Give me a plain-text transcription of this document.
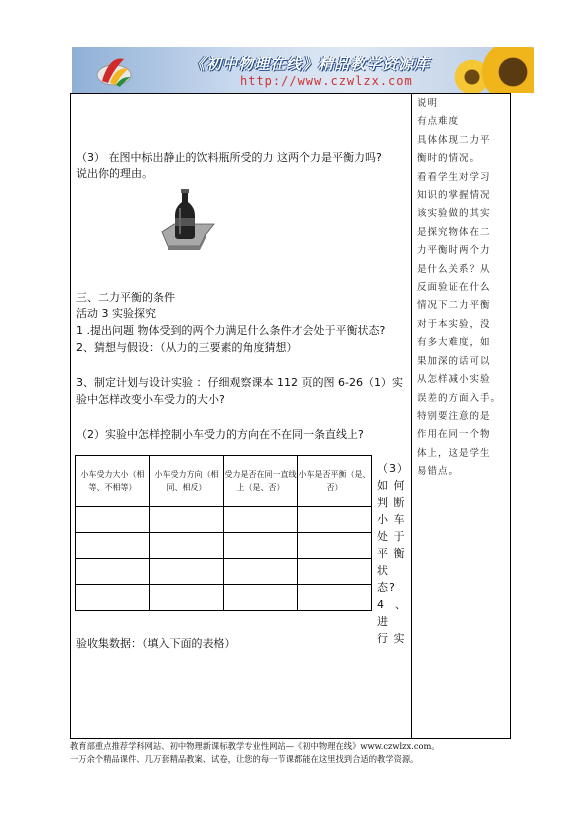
《初中物理在线》精品教学资源库
http://www.czwlzx.com
（3） 在图中标出静止的饮料瓶所受的力 这两个力是平衡力吗?
说出你的理由。
三、二力平衡的条件
活动 3 实验探究
1 .提出问题 物体受到的两个力满足什么条件才会处于平衡状态?
2、猜想与假设：（从力的三要素的角度猜想）
3、制定计划与设计实验 ：仔细观察课本 112 页的图 6-26（1）实
验中怎样改变小车受力的大小?
（2）实验中怎样控制小车受力的方向在不在同一条直线上?
小车受力大小（相等、不相等）	小车受力方向（相同、相反）	受力是否在同一直线上（是、否）	小车是否平衡（是、否）

（3）
如 何
判 断
小 车
处 于
平 衡
状
态?
4、进
行 实
验收集数据：（填入下面的表格）
说明
有点难度
具体体现二力平
衡时的情况。
看看学生对学习
知识的掌握情况
该实验做的其实
是探究物体在二
力平衡时两个力
是什么关系？从
反面验证在什么
情况下二力平衡
对于本实验，没
有多大难度，如
果加深的话可以
从怎样减小实验
误差的方面入手。
特别要注意的是
作用在同一个物
体上，这是学生
易错点。
教育部重点推荐学科网站、初中物理新课标教学专业性网站—《初中物理在线》www.czwlzx.com。
一万余个精品课件、几万套精品教案、试卷，让您的每一节课都能在这里找到合适的教学资源。
